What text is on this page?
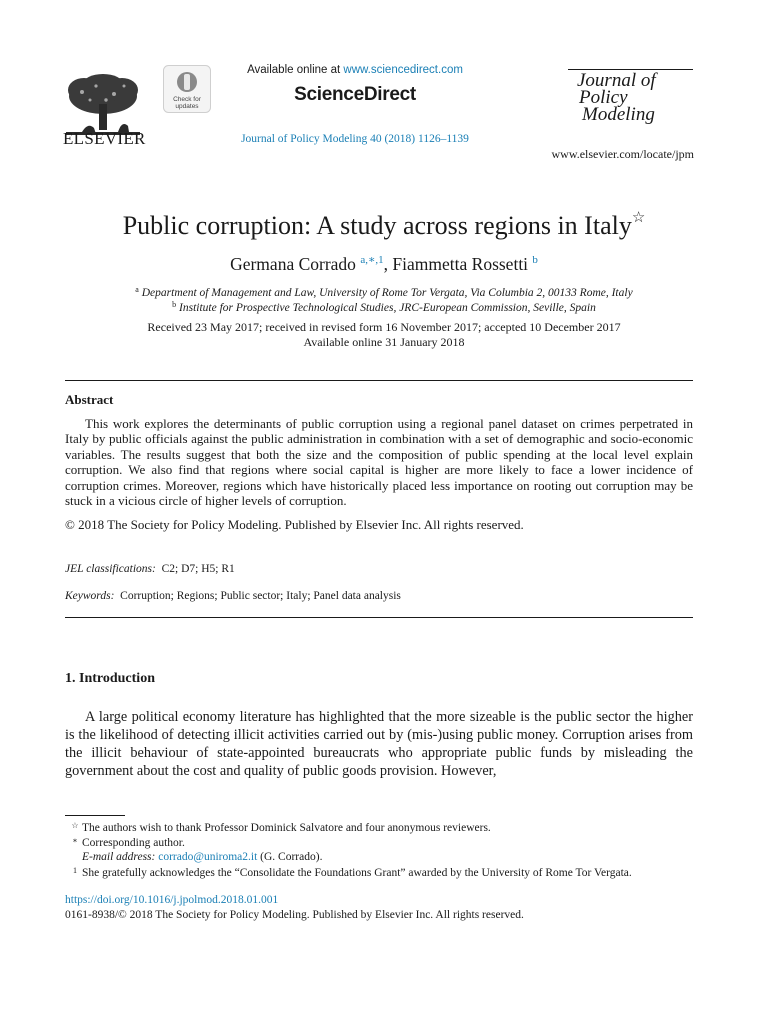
ELSEVIER
Check for
updates
Available online at www.sciencedirect.com
ScienceDirect
Journal of Policy Modeling 40 (2018) 1126–1139
Journal of
Policy
Modeling
www.elsevier.com/locate/jpm
Public corruption: A study across regions in Italy☆
Germana Corrado $^{a,∗,1}$, Fiammetta Rossetti $^b$
$^a$ Department of Management and Law, University of Rome Tor Vergata, Via Columbia 2, 00133 Rome, Italy
$^b$ Institute for Prospective Technological Studies, JRC-European Commission, Seville, Spain
Received 23 May 2017; received in revised form 16 November 2017; accepted 10 December 2017
Available online 31 January 2018
Abstract
This work explores the determinants of public corruption using a regional panel dataset on crimes perpetrated in Italy by public officials against the public administration in combination with a set of demographic and socio-economic variables. The results suggest that both the size and the composition of public spending at the local level explain corruption. We also find that regions where social capital is higher are more likely to face a lower incidence of corruption crimes. Moreover, regions which have historically placed less importance on rooting out corruption may be stuck in a vicious circle of higher levels of corruption.
© 2018 The Society for Policy Modeling. Published by Elsevier Inc. All rights reserved.
JEL classifications: C2; D7; H5; R1
Keywords: Corruption; Regions; Public sector; Italy; Panel data analysis
1. Introduction
A large political economy literature has highlighted that the more sizeable is the public sector the higher is the likelihood of detecting illicit activities carried out by (mis-)using public money. Corruption arises from the illicit behaviour of state-appointed bureaucrats who appropriate public funds by misleading the government about the cost and quality of public goods provision. However,
☆ The authors wish to thank Professor Dominick Salvatore and four anonymous reviewers.
∗ Corresponding author.
E-mail address: corrado@uniroma2.it (G. Corrado).
1 She gratefully acknowledges the “Consolidate the Foundations Grant” awarded by the University of Rome Tor Vergata.
https://doi.org/10.1016/j.jpolmod.2018.01.001
0161-8938/© 2018 The Society for Policy Modeling. Published by Elsevier Inc. All rights reserved.
